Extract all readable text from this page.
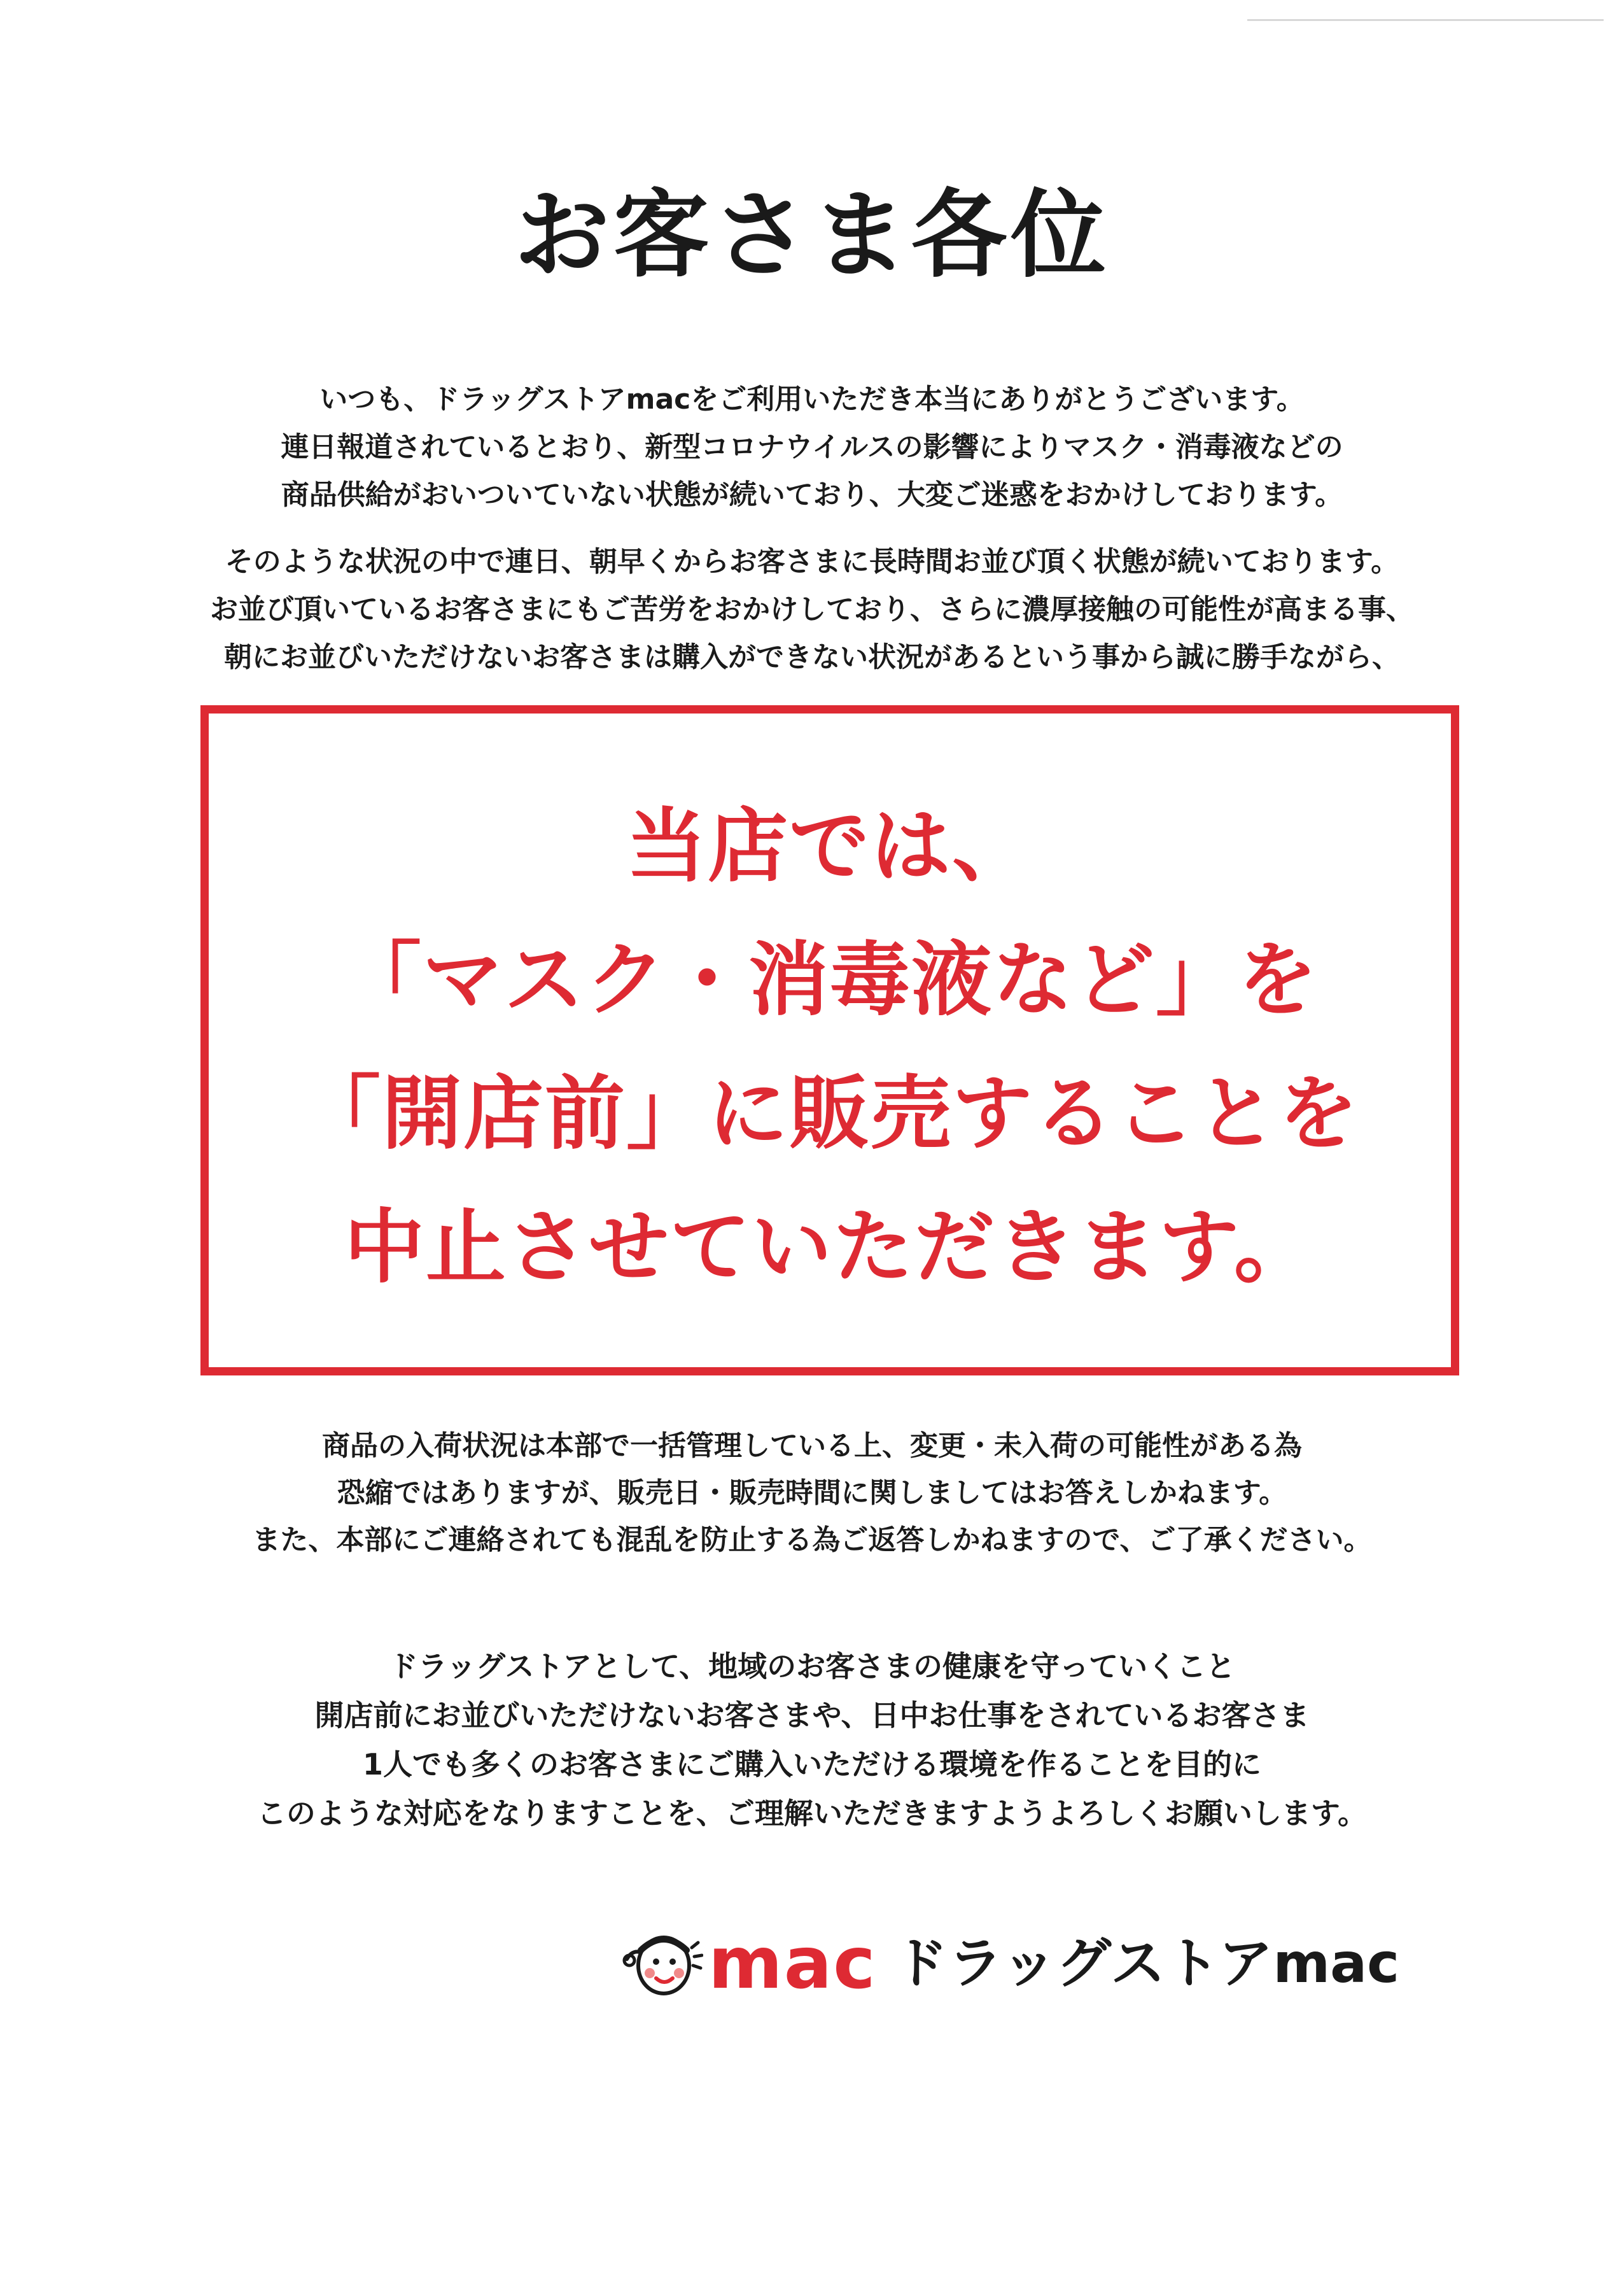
お客さま各位
いつも、ドラッグストアmacをご利用いただき本当にありがとうございます。
連日報道されているとおり、新型コロナウイルスの影響によりマスク・消毒液などの
商品供給がおいついていない状態が続いており、大変ご迷惑をおかけしております。
そのような状況の中で連日、朝早くからお客さまに長時間お並び頂く状態が続いております。
お並び頂いているお客さまにもご苦労をおかけしており、さらに濃厚接触の可能性が高まる事、
朝にお並びいただけないお客さまは購入ができない状況があるという事から誠に勝手ながら、
当店では、
「マスク・消毒液など」を
「開店前」に販売することを
中止させていただきます。
商品の入荷状況は本部で一括管理している上、変更・未入荷の可能性がある為
恐縮ではありますが、販売日・販売時間に関しましてはお答えしかねます。
また、本部にご連絡されても混乱を防止する為ご返答しかねますので、ご了承ください。
ドラッグストアとして、地域のお客さまの健康を守っていくこと
開店前にお並びいただけないお客さまや、日中お仕事をされているお客さま
1人でも多くのお客さまにご購入いただける環境を作ることを目的に
このような対応をなりますことを、ご理解いただきますようよろしくお願いします。
mac ドラッグストアmac
